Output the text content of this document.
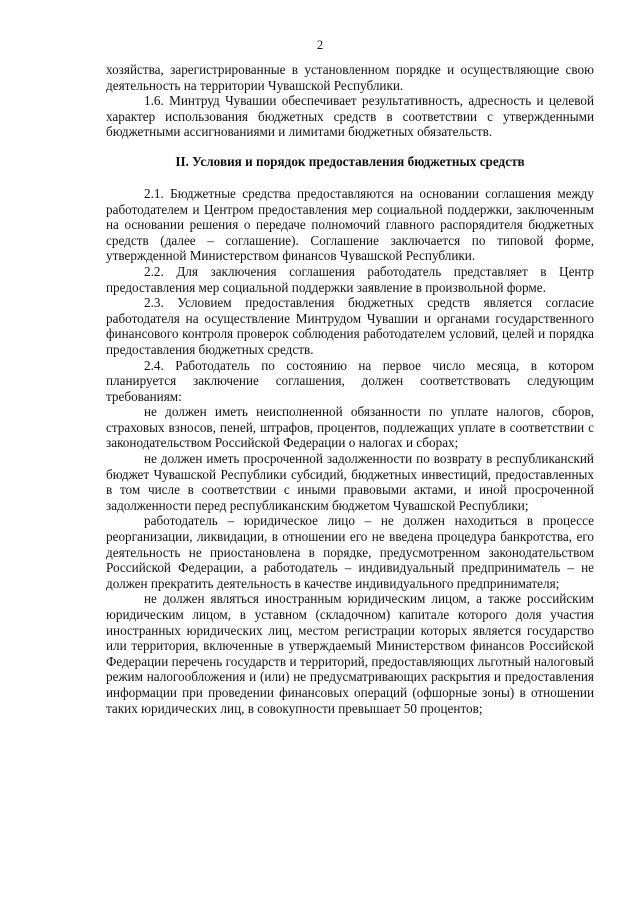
2

хозяйства, зарегистрированные в установленном порядке и осуществляющие свою деятельность на территории Чувашской Республики.

1.6. Минтруд Чувашии обеспечивает результативность, адресность и целевой характер использования бюджетных средств в соответствии с утвержденными бюджетными ассигнованиями и лимитами бюджетных обязательств.

II. Условия и порядок предоставления бюджетных средств

2.1. Бюджетные средства предоставляются на основании соглашения между работодателем и Центром предоставления мер социальной поддержки, заключенным на основании решения о передаче полномочий главного распорядителя бюджетных средств (далее – соглашение). Соглашение заключается по типовой форме, утвержденной Министерством финансов Чувашской Республики.

2.2. Для заключения соглашения работодатель представляет в Центр предоставления мер социальной поддержки заявление в произвольной форме.

2.3. Условием предоставления бюджетных средств является согласие работодателя на осуществление Минтрудом Чувашии и органами государственного финансового контроля проверок соблюдения работодателем условий, целей и порядка предоставления бюджетных средств.

2.4. Работодатель по состоянию на первое число месяца, в котором планируется заключение соглашения, должен соответствовать следующим требованиям:

не должен иметь неисполненной обязанности по уплате налогов, сборов, страховых взносов, пеней, штрафов, процентов, подлежащих уплате в соответствии с законодательством Российской Федерации о налогах и сборах;

не должен иметь просроченной задолженности по возврату в республиканский бюджет Чувашской Республики субсидий, бюджетных инвестиций, предоставленных в том числе в соответствии с иными правовыми актами, и иной просроченной задолженности перед республиканским бюджетом Чувашской Республики;

работодатель – юридическое лицо – не должен находиться в процессе реорганизации, ликвидации, в отношении его не введена процедура банкротства, его деятельность не приостановлена в порядке, предусмотренном законодательством Российской Федерации, а работодатель – индивидуальный предприниматель – не должен прекратить деятельность в качестве индивидуального предпринимателя;

не должен являться иностранным юридическим лицом, а также российским юридическим лицом, в уставном (складочном) капитале которого доля участия иностранных юридических лиц, местом регистрации которых является государство или территория, включенные в утверждаемый Министерством финансов Российской Федерации перечень государств и территорий, предоставляющих льготный налоговый режим налогообложения и (или) не предусматривающих раскрытия и предоставления информации при проведении финансовых операций (офшорные зоны) в отношении таких юридических лиц, в совокупности превышает 50 процентов;
